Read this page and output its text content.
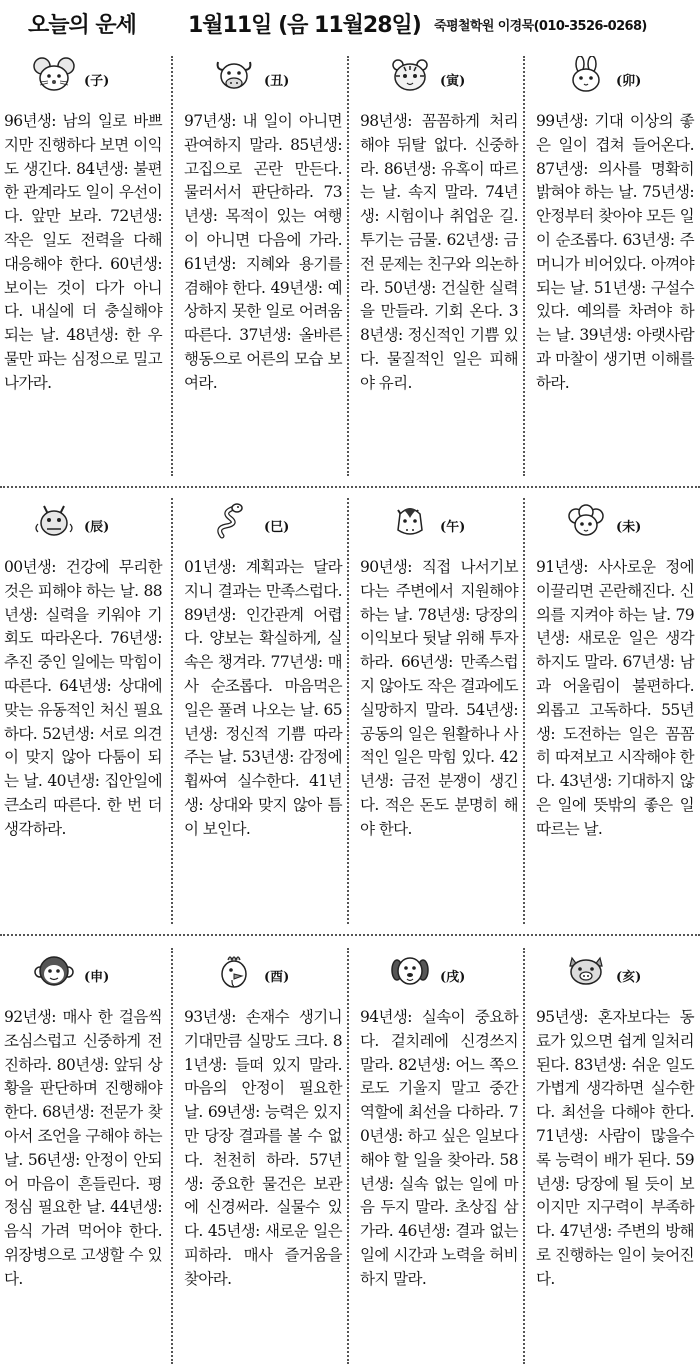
오늘의 운세 1월11일 (음 11월28일) 죽평철학원 이경묵(010-3526-0268)
(子)
96년생: 남의 일로 바쁘지만 진행하다 보면 이익도 생긴다. 84년생: 불편한 관계라도 일이 우선이다. 앞만 보라. 72년생: 작은 일도 전력을 다해 대응해야 한다. 60년생: 보이는 것이 다가 아니다. 내실에 더 충실해야 되는 날. 48년생: 한 우물만 파는 심정으로 밀고 나가라.
(丑)
97년생: 내 일이 아니면 관여하지 말라. 85년생: 고집으로 곤란 만든다. 물러서서 판단하라. 73년생: 목적이 있는 여행이 아니면 다음에 가라. 61년생: 지혜와 용기를 겸해야 한다. 49년생: 예상하지 못한 일로 어려움 따른다. 37년생: 올바른 행동으로 어른의 모습 보여라.
(寅)
98년생: 꼼꼼하게 처리해야 뒤탈 없다. 신중하라. 86년생: 유혹이 따르는 날. 속지 말라. 74년생: 시험이나 취업운 길. 투기는 금물. 62년생: 금전 문제는 친구와 의논하라. 50년생: 건실한 실력을 만들라. 기회 온다. 38년생: 정신적인 기쁨 있다. 물질적인 일은 피해야 유리.
(卯)
99년생: 기대 이상의 좋은 일이 겹쳐 들어온다. 87년생: 의사를 명확히 밝혀야 하는 날. 75년생: 안정부터 찾아야 모든 일이 순조롭다. 63년생: 주머니가 비어있다. 아껴야 되는 날. 51년생: 구설수 있다. 예의를 차려야 하는 날. 39년생: 아랫사람과 마찰이 생기면 이해를 하라.
(辰)
00년생: 건강에 무리한 것은 피해야 하는 날. 88년생: 실력을 키워야 기회도 따라온다. 76년생: 추진 중인 일에는 막힘이 따른다. 64년생: 상대에 맞는 유동적인 처신 필요하다. 52년생: 서로 의견이 맞지 않아 다툼이 되는 날. 40년생: 집안일에 큰소리 따른다. 한 번 더 생각하라.
(巳)
01년생: 계획과는 달라지니 결과는 만족스럽다. 89년생: 인간관계 어렵다. 양보는 확실하게, 실속은 챙겨라. 77년생: 매사 순조롭다. 마음먹은 일은 풀려 나오는 날. 65년생: 정신적 기쁨 따라주는 날. 53년생: 감정에 휩싸여 실수한다. 41년생: 상대와 맞지 않아 틈이 보인다.
(午)
90년생: 직접 나서기보다는 주변에서 지원해야 하는 날. 78년생: 당장의 이익보다 뒷날 위해 투자하라. 66년생: 만족스럽지 않아도 작은 결과에도 실망하지 말라. 54년생: 공동의 일은 원활하나 사적인 일은 막힘 있다. 42년생: 금전 분쟁이 생긴다. 적은 돈도 분명히 해야 한다.
(未)
91년생: 사사로운 정에 이끌리면 곤란해진다. 신의를 지켜야 하는 날. 79년생: 새로운 일은 생각하지도 말라. 67년생: 남과 어울림이 불편하다. 외롭고 고독하다. 55년생: 도전하는 일은 꼼꼼히 따져보고 시작해야 한다. 43년생: 기대하지 않은 일에 뜻밖의 좋은 일 따르는 날.
(申)
92년생: 매사 한 걸음씩 조심스럽고 신중하게 전진하라. 80년생: 앞뒤 상황을 판단하며 진행해야 한다. 68년생: 전문가 찾아서 조언을 구해야 하는 날. 56년생: 안정이 안되어 마음이 흔들린다. 평정심 필요한 날. 44년생: 음식 가려 먹어야 한다. 위장병으로 고생할 수 있다.
(酉)
93년생: 손재수 생기니 기대만큼 실망도 크다. 81년생: 들떠 있지 말라. 마음의 안정이 필요한 날. 69년생: 능력은 있지만 당장 결과를 볼 수 없다. 천천히 하라. 57년생: 중요한 물건은 보관에 신경써라. 실물수 있다. 45년생: 새로운 일은 피하라. 매사 즐거움을 찾아라.
(戌)
94년생: 실속이 중요하다. 겉치레에 신경쓰지 말라. 82년생: 어느 쪽으로도 기울지 말고 중간 역할에 최선을 다하라. 70년생: 하고 싶은 일보다 해야 할 일을 찾아라. 58년생: 실속 없는 일에 마음 두지 말라. 초상집 삼가라. 46년생: 결과 없는 일에 시간과 노력을 허비하지 말라.
(亥)
95년생: 혼자보다는 동료가 있으면 쉽게 일처리 된다. 83년생: 쉬운 일도 가볍게 생각하면 실수한다. 최선을 다해야 한다. 71년생: 사람이 많을수록 능력이 배가 된다. 59년생: 당장에 될 듯이 보이지만 지구력이 부족하다. 47년생: 주변의 방해로 진행하는 일이 늦어진다.
